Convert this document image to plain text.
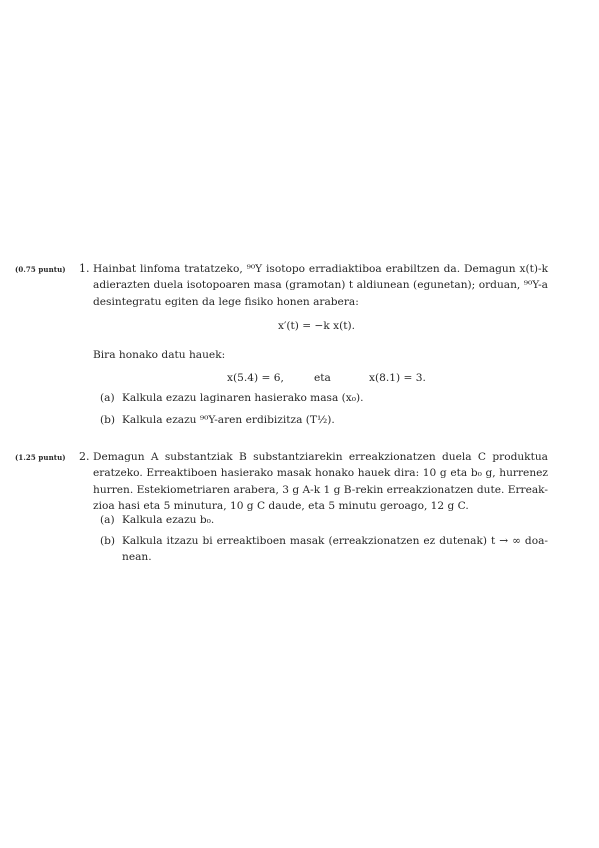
(0.75 puntu) 1. Hainbat linfoma tratatzeko, ⁹⁰Y isotopo erradiaktiboa erabiltzen da. Demagun x(t)-k
adierazten duela isotopoaren masa (gramotan) t aldiunean (egunetan); orduan, ⁹⁰Y-a
desintegratu egiten da lege fisiko honen arabera:
x′(t) = −k x(t).
Bira honako datu hauek:
x(5.4) = 6,	eta	x(8.1) = 3.
(a) Kalkula ezazu laginaren hasierako masa (x₀).
(b) Kalkula ezazu ⁹⁰Y-aren erdibizitza (T½).
(1.25 puntu) 2. Demagun A substantziak B substantziarekin erreakzionatzen duela C produktua
eratzeko. Erreaktiboen hasierako masak honako hauek dira: 10 g eta b₀ g, hurrenez
hurren. Estekiometriaren arabera, 3 g A-k 1 g B-rekin erreakzionatzen dute. Erreak-
zioa hasi eta 5 minutura, 10 g C daude, eta 5 minutu geroago, 12 g C.
(a) Kalkula ezazu b₀.
(b) Kalkula itzazu bi erreaktiboen masak (erreakzionatzen ez dutenak) t → ∞ doa-
nean.
